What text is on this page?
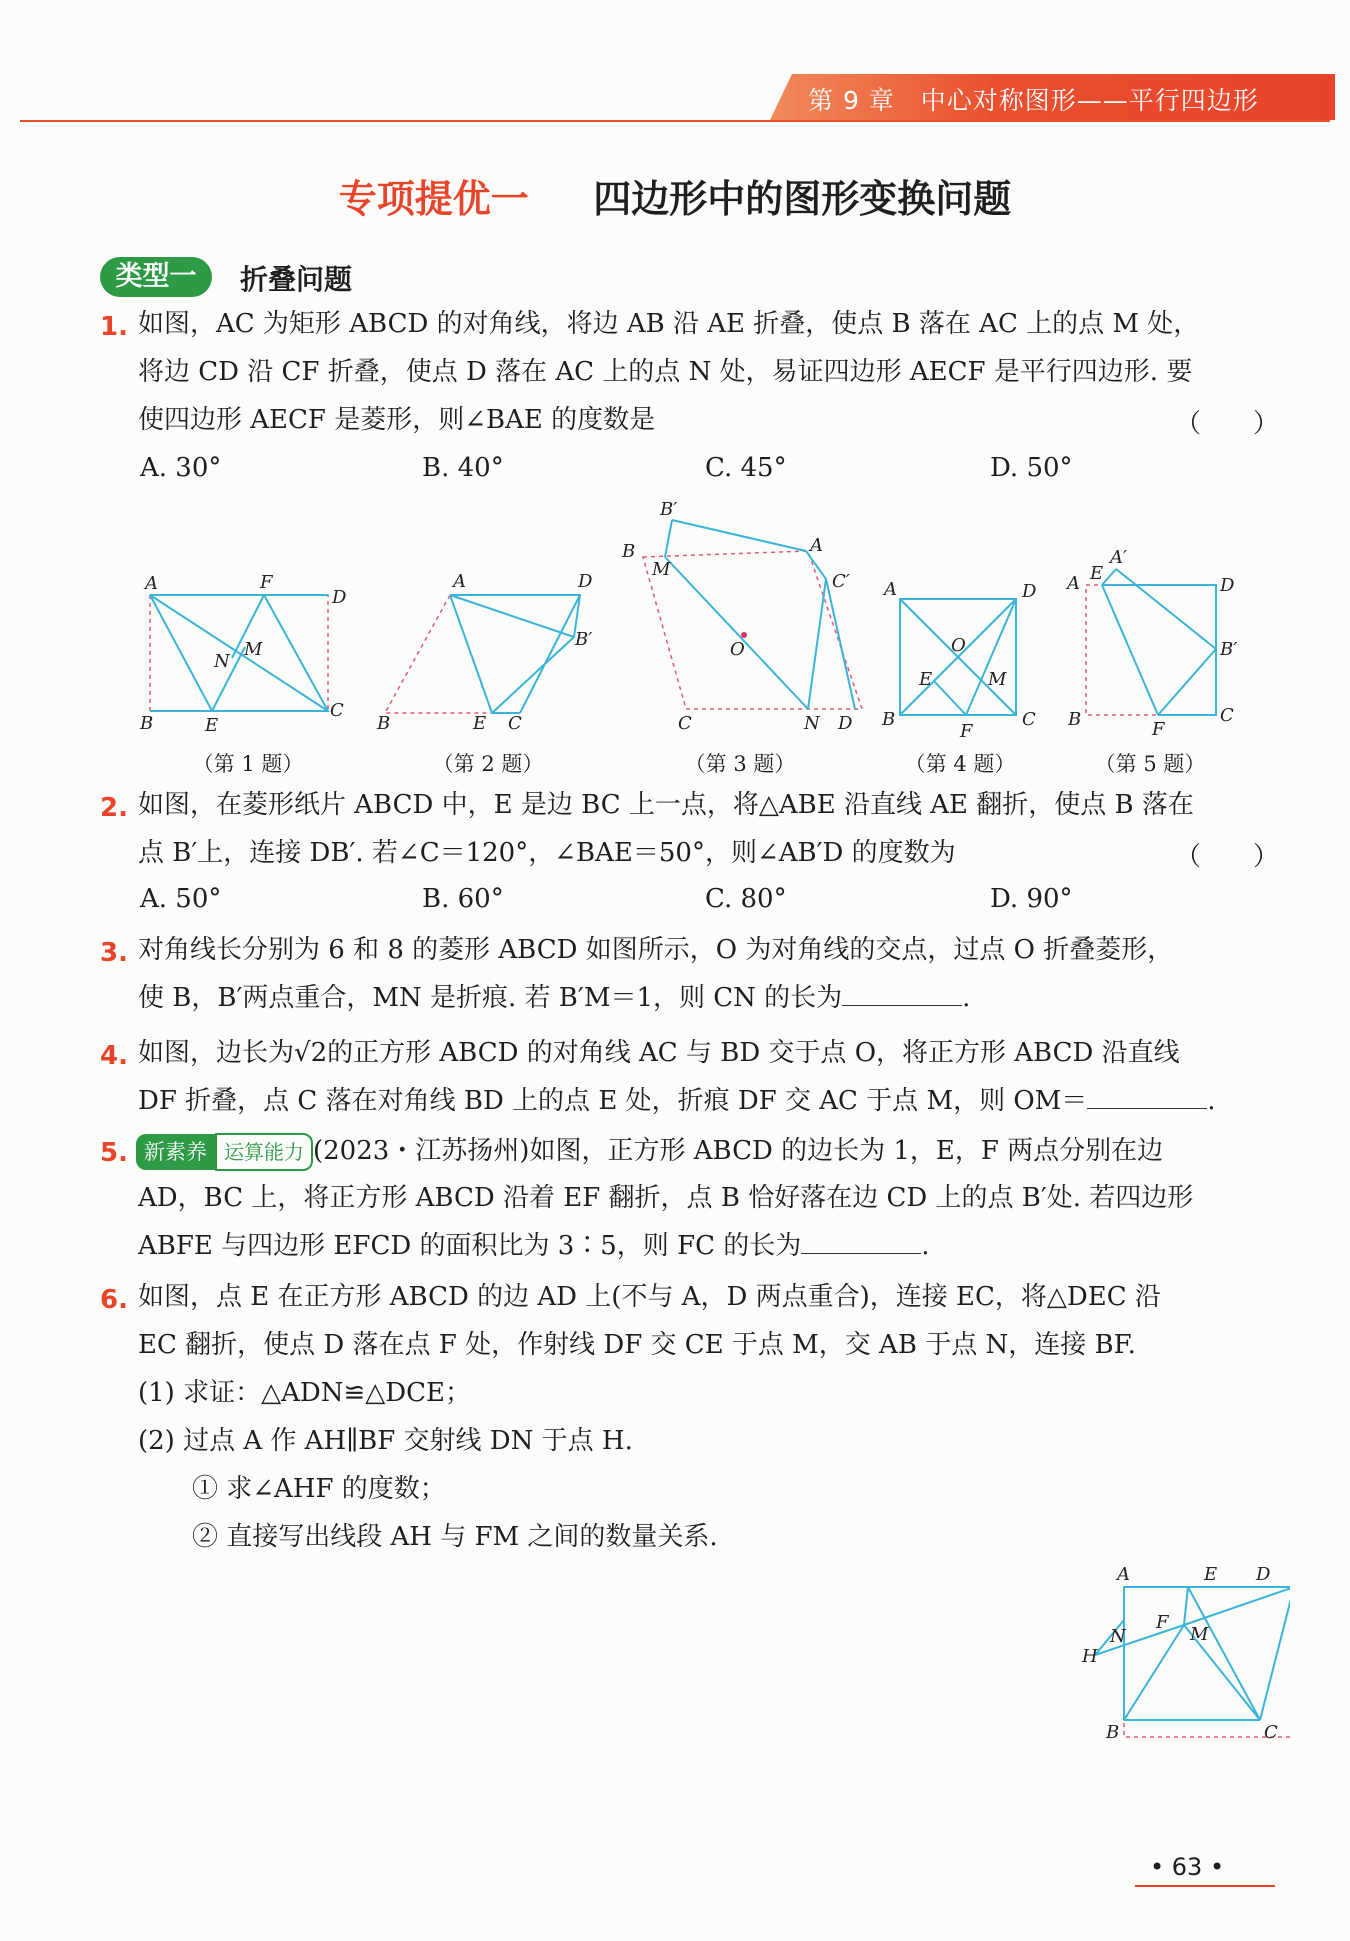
第 9 章　中心对称图形——平行四边形
专项提优一 　 四边形中的图形变换问题
类型一	折叠问题
1. 如图，AC 为矩形 ABCD 的对角线，将边 AB 沿 AE 折叠，使点 B 落在 AC 上的点 M 处，
将边 CD 沿 CF 折叠，使点 D 落在 AC 上的点 N 处，易证四边形 AECF 是平行四边形. 要
使四边形 AECF 是菱形，则∠BAE 的度数是	（　　）
A. 30°	B. 40°	C. 45°	D. 50°
A	F
D
N
M
B	E
C
A	D
B′
B	E C
B′
A
B
M
C′
O
C	N D
A	D
O
E	M
B
F
C
A E
A′
D
B′
B	F
C
（第 1 题）	（第 2 题）	（第 3 题）	（第 4 题）	（第 5 题）
2. 如图，在菱形纸片 ABCD 中，E 是边 BC 上一点，将△ABE 沿直线 AE 翻折，使点 B 落在
点 B′上，连接 DB′. 若∠C＝120°，∠BAE＝50°，则∠AB′D 的度数为	（　　）
A. 50°	B. 60°	C. 80°	D. 90°
3. 对角线长分别为 6 和 8 的菱形 ABCD 如图所示，O 为对角线的交点，过点 O 折叠菱形，
使 B，B′两点重合，MN 是折痕. 若 B′M＝1，则 CN 的长为	.
4. 如图，边长为√2的正方形 ABCD 的对角线 AC 与 BD 交于点 O，将正方形 ABCD 沿直线
DF 折叠，点 C 落在对角线 BD 上的点 E 处，折痕 DF 交 AC 于点 M，则 OM＝	.
5. 新素养 运算能力 (2023・江苏扬州)如图，正方形 ABCD 的边长为 1，E，F 两点分别在边
AD，BC 上，将正方形 ABCD 沿着 EF 翻折，点 B 恰好落在边 CD 上的点 B′处. 若四边形
ABFE 与四边形 EFCD 的面积比为 3∶5，则 FC 的长为	.
6. 如图，点 E 在正方形 ABCD 的边 AD 上(不与 A，D 两点重合)，连接 EC，将△DEC 沿
EC 翻折，使点 D 落在点 F 处，作射线 DF 交 CE 于点 M，交 AB 于点 N，连接 BF.
(1) 求证：△ADN≌△DCE；
(2) 过点 A 作 AH∥BF 交射线 DN 于点 H.
① 求∠AHF 的度数；
② 直接写出线段 AH 与 FM 之间的数量关系.
A	E D
N
F
M
H
B	C
• 63 •
